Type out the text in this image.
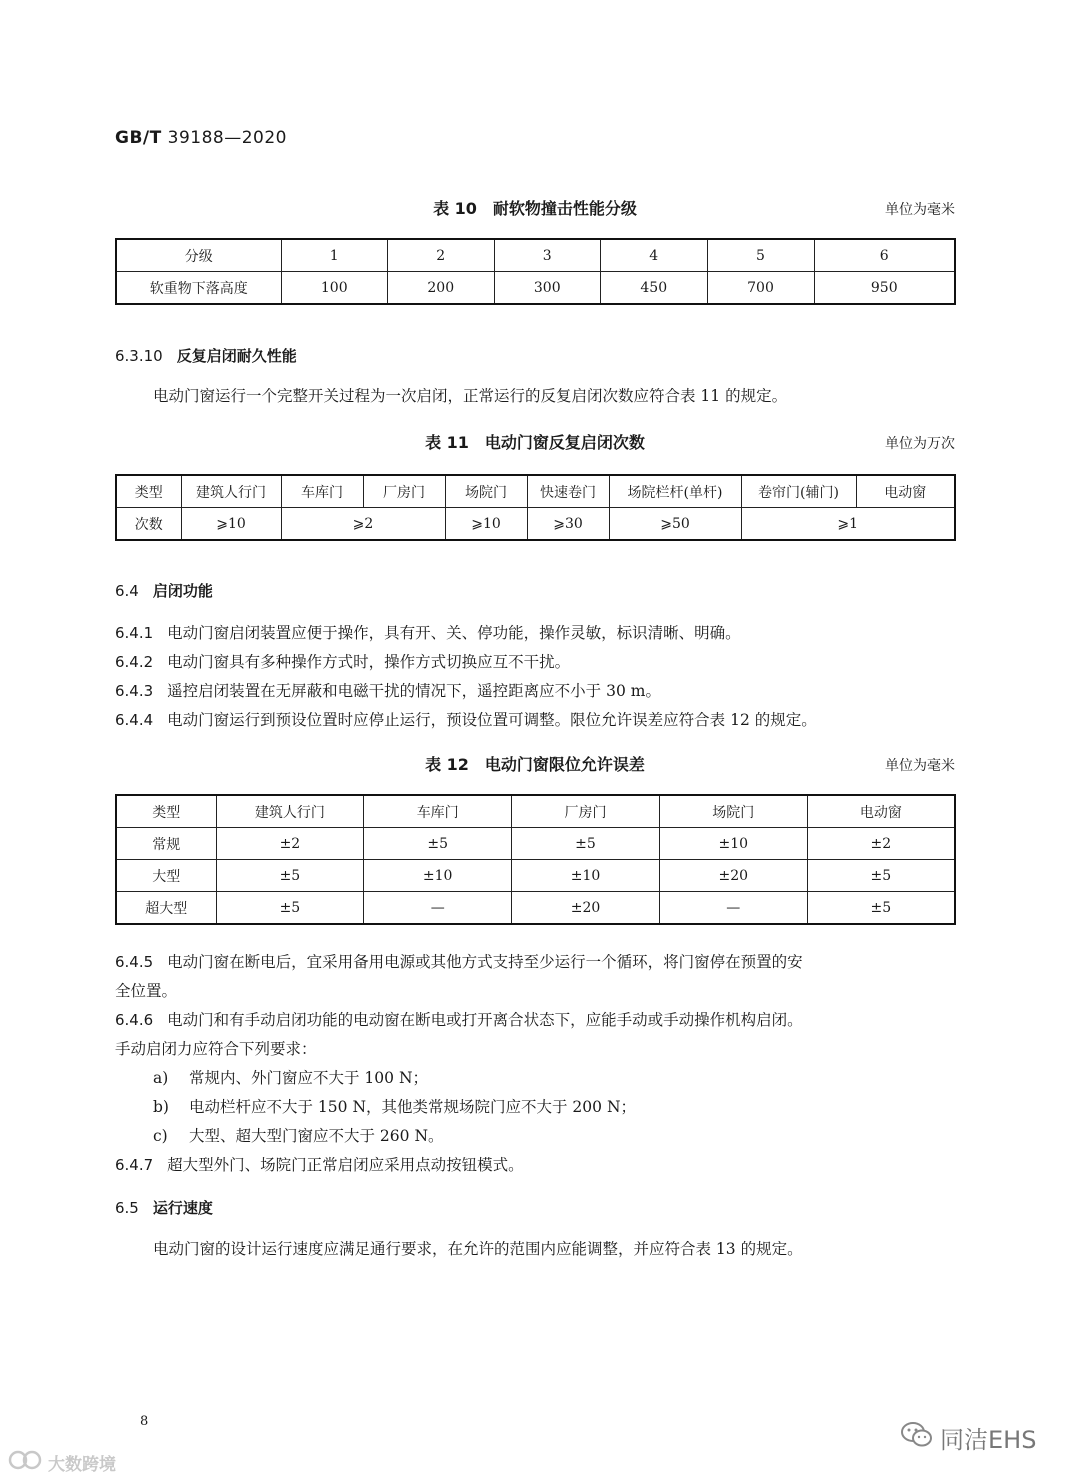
GB/T 39188—2020
表 10　耐软物撞击性能分级	单位为毫米
分级	1	2	3	4	5	6
软重物下落高度	100	200	300	450	700	950
6.3.10 反复启闭耐久性能
电动门窗运行一个完整开关过程为一次启闭，正常运行的反复启闭次数应符合表 11 的规定。
表 11　电动门窗反复启闭次数	单位为万次
类型	建筑人行门	车库门	厂房门	场院门	快速卷门	场院栏杆(单杆)	卷帘门(辅门)	电动窗
次数	⩾10	⩾2		⩾10	⩾30	⩾50	⩾1	
6.4 启闭功能
6.4.1 电动门窗启闭装置应便于操作，具有开、关、停功能，操作灵敏，标识清晰、明确。
6.4.2 电动门窗具有多种操作方式时，操作方式切换应互不干扰。
6.4.3 遥控启闭装置在无屏蔽和电磁干扰的情况下，遥控距离应不小于 30 m。
6.4.4 电动门窗运行到预设位置时应停止运行，预设位置可调整。限位允许误差应符合表 12 的规定。
表 12　电动门窗限位允许误差	单位为毫米
类型	建筑人行门	车库门	厂房门	场院门	电动窗
常规	±2	±5	±5	±10	±2
大型	±5	±10	±10	±20	±5
超大型	±5	—	±20	—	±5
6.4.5 电动门窗在断电后，宜采用备用电源或其他方式支持至少运行一个循环，将门窗停在预置的安
全位置。
6.4.6 电动门和有手动启闭功能的电动窗在断电或打开离合状态下，应能手动或手动操作机构启闭。
手动启闭力应符合下列要求：
a) 常规内、外门窗应不大于 100 N；
b) 电动栏杆应不大于 150 N，其他类常规场院门应不大于 200 N；
c) 大型、超大型门窗应不大于 260 N。
6.4.7 超大型外门、场院门正常启闭应采用点动按钮模式。
6.5 运行速度
电动门窗的设计运行速度应满足通行要求，在允许的范围内应能调整，并应符合表 13 的规定。
8
大数跨境
同洁EHS
